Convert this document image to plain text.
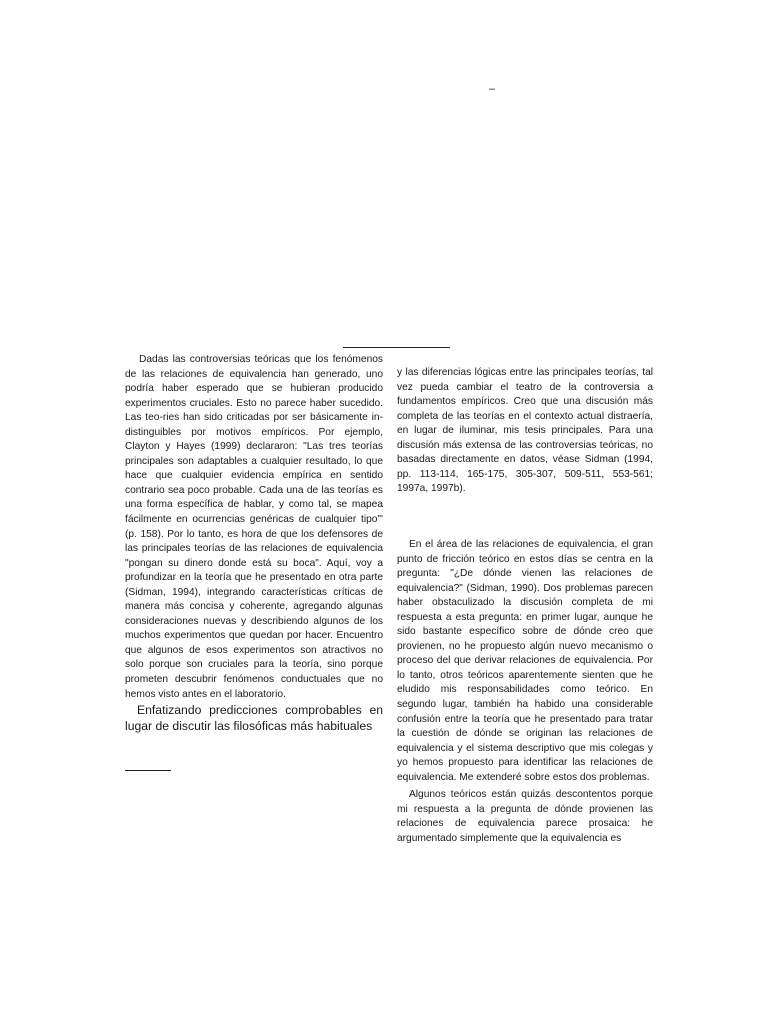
–

Dadas las controversias teóricas que los fenómenos de las relaciones de equivalencia han generado, uno podría haber esperado que se hubieran producido experimentos cruciales. Esto no parece haber sucedido. Las teo-ries han sido criticadas por ser básicamente in-distinguibles por motivos empíricos. Por ejemplo, Clayton y Hayes (1999) declararon: "Las tres teorías principales son adaptables a cualquier resultado, lo que hace que cualquier evidencia empírica en sentido contrario sea poco probable. Cada una de las teorías es una forma específica de hablar, y como tal, se mapea fácilmente en ocurrencias genéricas de cualquier tipo"' (p. 158). Por lo tanto, es hora de que los defensores de las principales teorías de las relaciones de equivalencia "pongan su dinero donde está su boca". Aquí, voy a profundizar en la teoría que he presentado en otra parte (Sidman, 1994), integrando características críticas de manera más concisa y coherente, agregando algunas consideraciones nuevas y describiendo algunos de los muchos experimentos que quedan por hacer. Encuentro que algunos de esos experimentos son atractivos no solo porque son cruciales para la teoría, sino porque prometen descubrir fenómenos conductuales que no hemos visto antes en el laboratorio.

Enfatizando predicciones comprobables en lugar de discutir las filosóficas más habituales

y las diferencias lógicas entre las principales teorías, tal vez pueda cambiar el teatro de la controversia a fundamentos empíricos. Creo que una discusión más completa de las teorías en el contexto actual distraería, en lugar de iluminar, mis tesis principales. Para una discusión más extensa de las controversias teóricas, no basadas directamente en datos, véase Sidman (1994, pp. 113-114, 165-175, 305-307, 509-511, 553-561; 1997a, 1997b).

En el área de las relaciones de equivalencia, el gran punto de fricción teórico en estos días se centra en la pregunta: "¿De dónde vienen las relaciones de equivalencia?" (Sidman, 1990). Dos problemas parecen haber obstaculizado la discusión completa de mi respuesta a esta pregunta: en primer lugar, aunque he sido bastante específico sobre de dónde creo que provienen, no he propuesto algún nuevo mecanismo o proceso del que derivar relaciones de equivalencia. Por lo tanto, otros teóricos aparentemente sienten que he eludido mis responsabilidades como teórico. En segundo lugar, también ha habido una considerable confusión entre la teoría que he presentado para tratar la cuestión de dónde se originan las relaciones de equivalencia y el sistema descriptivo que mis colegas y yo hemos propuesto para identificar las relaciones de equivalencia. Me extenderé sobre estos dos problemas.

Algunos teóricos están quizás descontentos porque mi respuesta a la pregunta de dónde provienen las relaciones de equivalencia parece prosaica: he argumentado simplemente que la equivalencia es
